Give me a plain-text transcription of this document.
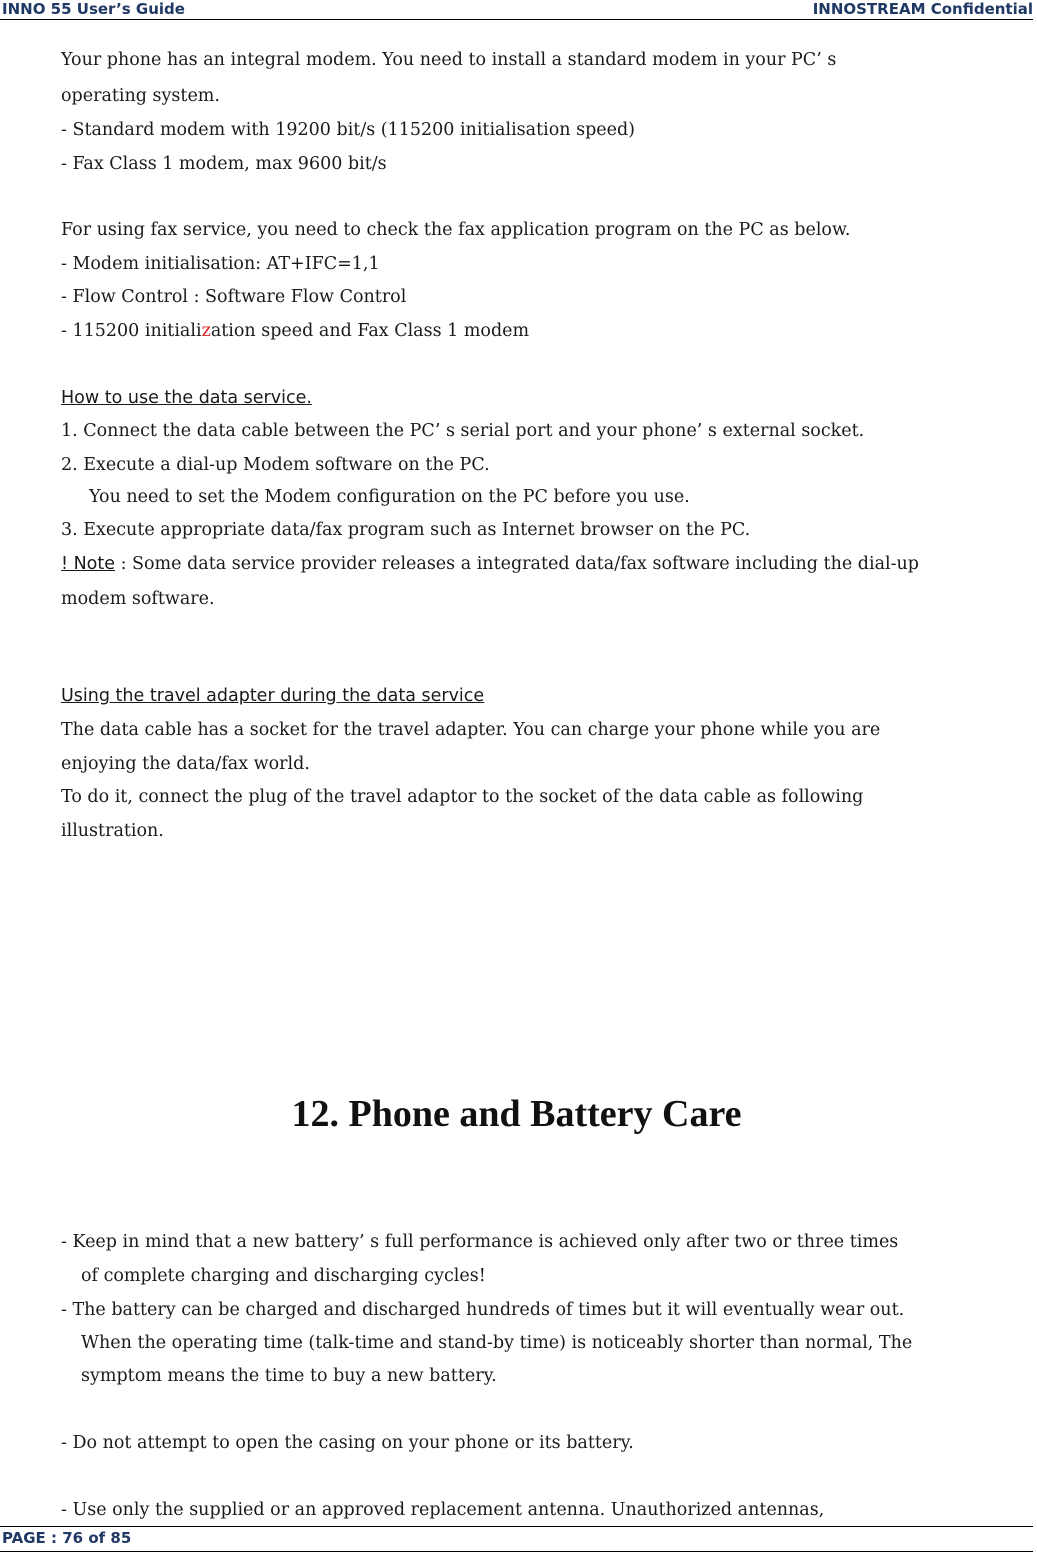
INNO 55 User’s Guide	INNOSTREAM Confidential

Your phone has an integral modem. You need to install a standard modem in your PC’ s

operating system.

- Standard modem with 19200 bit/s (115200 initialisation speed)

- Fax Class 1 modem, max 9600 bit/s

For using fax service, you need to check the fax application program on the PC as below.

- Modem initialisation: AT+IFC=1,1

- Flow Control : Software Flow Control

- 115200 initialization speed and Fax Class 1 modem

How to use the data service.

1. Connect the data cable between the PC’ s serial port and your phone’ s external socket.

2. Execute a dial-up Modem software on the PC.

You need to set the Modem configuration on the PC before you use.

3. Execute appropriate data/fax program such as Internet browser on the PC.

! Note : Some data service provider releases a integrated data/fax software including the dial-up

modem software.

Using the travel adapter during the data service

The data cable has a socket for the travel adapter. You can charge your phone while you are

enjoying the data/fax world.

To do it, connect the plug of the travel adaptor to the socket of the data cable as following

illustration.

12. Phone and Battery Care

- Keep in mind that a new battery’ s full performance is achieved only after two or three times

of complete charging and discharging cycles!

- The battery can be charged and discharged hundreds of times but it will eventually wear out.

When the operating time (talk-time and stand-by time) is noticeably shorter than normal, The

symptom means the time to buy a new battery.

- Do not attempt to open the casing on your phone or its battery.

- Use only the supplied or an approved replacement antenna. Unauthorized antennas,

PAGE : 76 of 85
